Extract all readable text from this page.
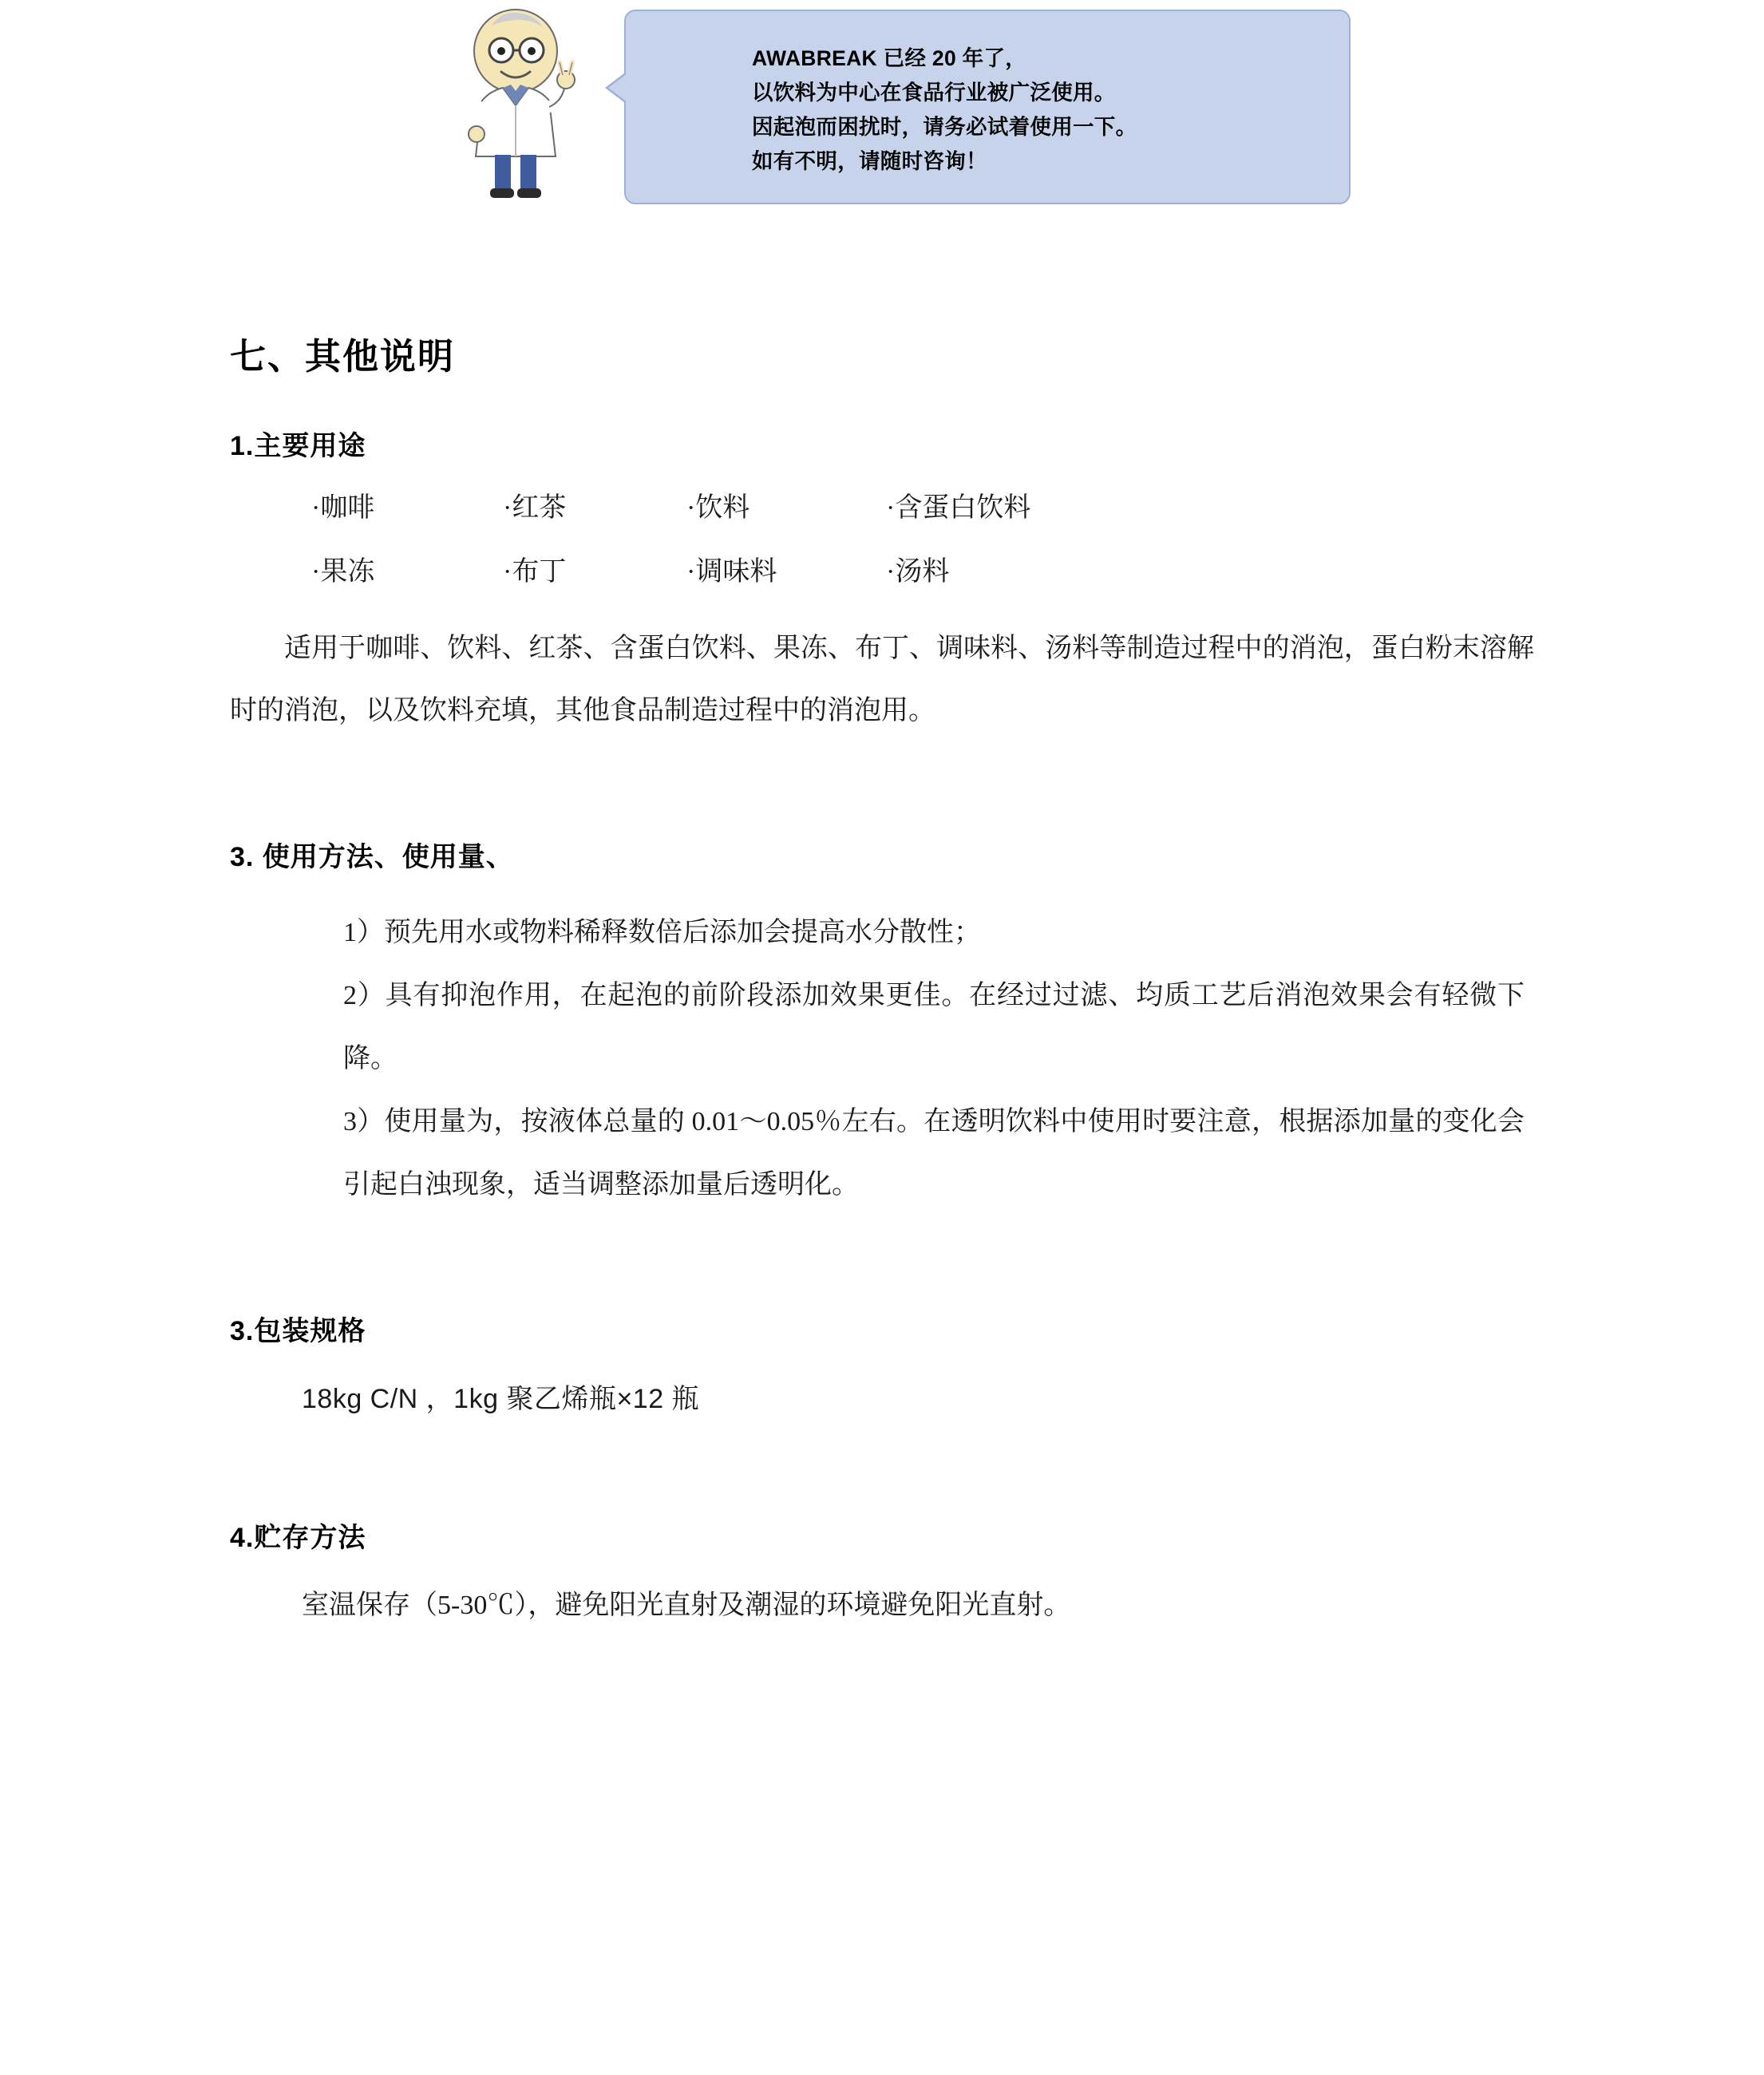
AWABREAK 已经 20 年了，
以饮料为中心在食品行业被广泛使用。
因起泡而困扰时，请务必试着使用一下。
如有不明，请随时咨询！
七、其他说明
1.主要用途
·咖啡	·红茶	·饮料	·含蛋白饮料
·果冻	·布丁	·调味料	·汤料
适用于咖啡、饮料、红茶、含蛋白饮料、果冻、布丁、调味料、汤料等制造过程中的消泡，蛋白粉末溶解时的消泡，以及饮料充填，其他食品制造过程中的消泡用。
3. 使用方法、使用量、
1）预先用水或物料稀释数倍后添加会提高水分散性；
2）具有抑泡作用，在起泡的前阶段添加效果更佳。在经过过滤、均质工艺后消泡效果会有轻微下降。
3）使用量为，按液体总量的 0.01～0.05％左右。在透明饮料中使用时要注意，根据添加量的变化会引起白浊现象，适当调整添加量后透明化。
3.包装规格
18kg C/N ，1kg 聚乙烯瓶×12 瓶
4.贮存方法
室温保存（5-30℃），避免阳光直射及潮湿的环境避免阳光直射。
